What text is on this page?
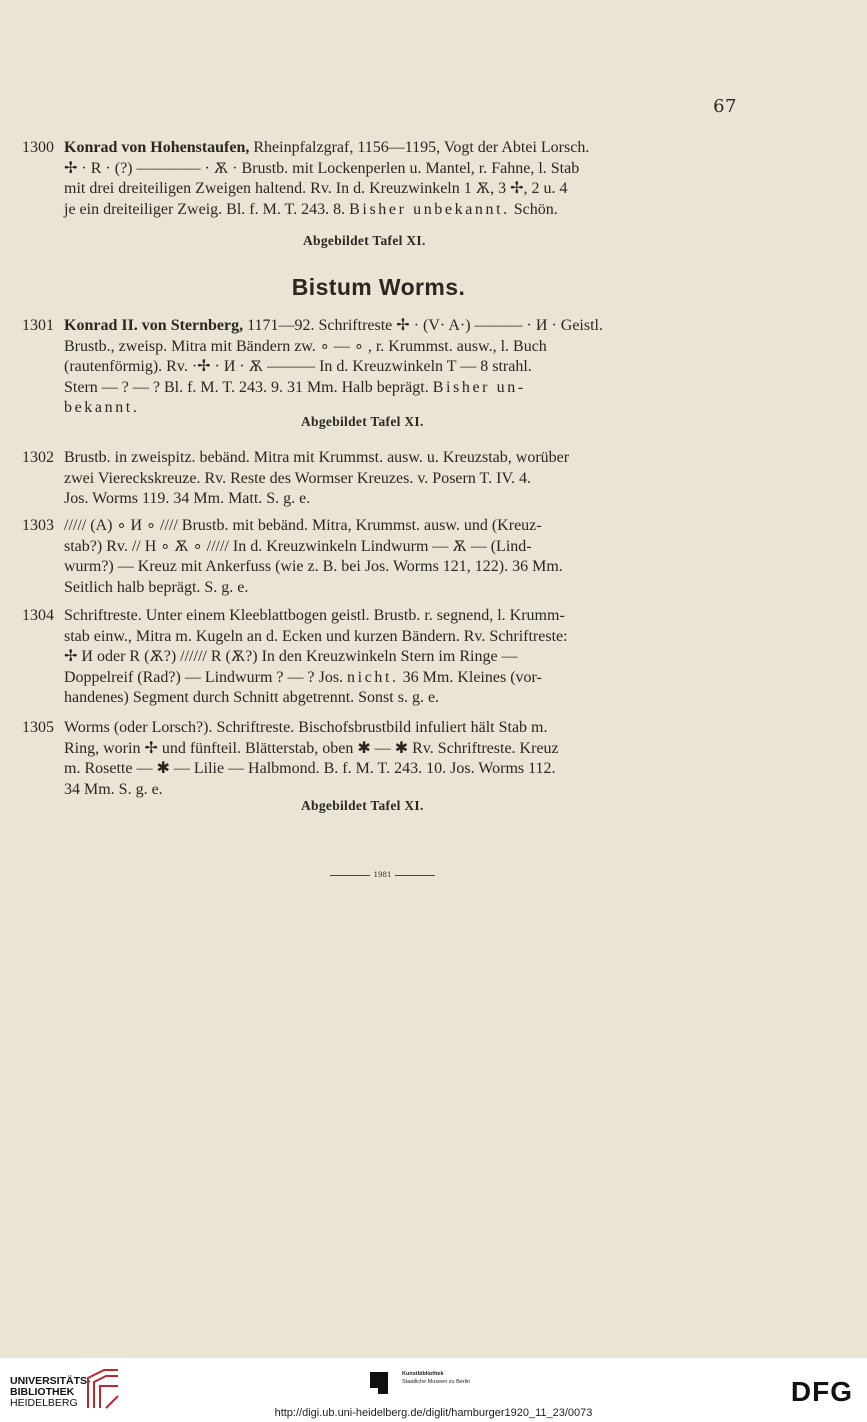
67
1300 Konrad von Hohenstaufen, Rheinpfalzgraf, 1156—1195, Vogt der Abtei Lorsch.
✢ · R · (?) ———— · Ѫ · Brustb. mit Lockenperlen u. Mantel, r. Fahne, l. Stab
mit drei dreiteiligen Zweigen haltend. Rv. In d. Kreuzwinkeln 1 Ѫ, 3 ✢, 2 u. 4
je ein dreiteiliger Zweig. Bl. f. M. T. 243. 8. Bisher unbekannt. Schön.
Abgebildet Tafel XI.
Bistum Worms.
1301 Konrad II. von Sternberg, 1171—92. Schriftreste ✢ · (V· A·) ——— · И · Geistl.
Brustb., zweisp. Mitra mit Bändern zw. ∘ — ∘ , r. Krummst. ausw., l. Buch
(rautenförmig). Rv. ·✢ · И · Ѫ ——— In d. Kreuzwinkeln T — 8 strahl.
Stern — ? — ? Bl. f. M. T. 243. 9. 31 Mm. Halb beprägt. Bisher un-
bekannt.
Abgebildet Tafel XI.
1302 Brustb. in zweispitz. bebänd. Mitra mit Krummst. ausw. u. Kreuzstab, worüber
zwei Viereckskreuze. Rv. Reste des Wormser Kreuzes. v. Posern T. IV. 4.
Jos. Worms 119. 34 Mm. Matt. S. g. e.
1303 ///// (A) ∘ И ∘ //// Brustb. mit bebänd. Mitra, Krummst. ausw. und (Kreuz-
stab?) Rv. // H ∘ Ѫ ∘ ///// In d. Kreuzwinkeln Lindwurm — Ѫ — (Lind-
wurm?) — Kreuz mit Ankerfuss (wie z. B. bei Jos. Worms 121, 122). 36 Mm.
Seitlich halb beprägt. S. g. e.
1304 Schriftreste. Unter einem Kleeblattbogen geistl. Brustb. r. segnend, l. Krumm-
stab einw., Mitra m. Kugeln an d. Ecken und kurzen Bändern. Rv. Schriftreste:
✢ И oder R (Ѫ?) ////// R (Ѫ?) In den Kreuzwinkeln Stern im Ringe —
Doppelreif (Rad?) — Lindwurm ? — ? Jos. nicht. 36 Mm. Kleines (vor-
handenes) Segment durch Schnitt abgetrennt. Sonst s. g. e.
1305 Worms (oder Lorsch?). Schriftreste. Bischofsbrustbild infuliert hält Stab m.
Ring, worin ✢ und fünfteil. Blätterstab, oben ✱ — ✱ Rv. Schriftreste. Kreuz
m. Rosette — ✱ — Lilie — Halbmond. B. f. M. T. 243. 10. Jos. Worms 112.
34 Mm. S. g. e.
Abgebildet Tafel XI.
1981
UNIVERSITÄTS-
BIBLIOTHEK
HEIDELBERG
Kunstbibliothek
Staatliche Museen zu Berlin	DFG
http://digi.ub.uni-heidelberg.de/diglit/hamburger1920_11_23/0073
